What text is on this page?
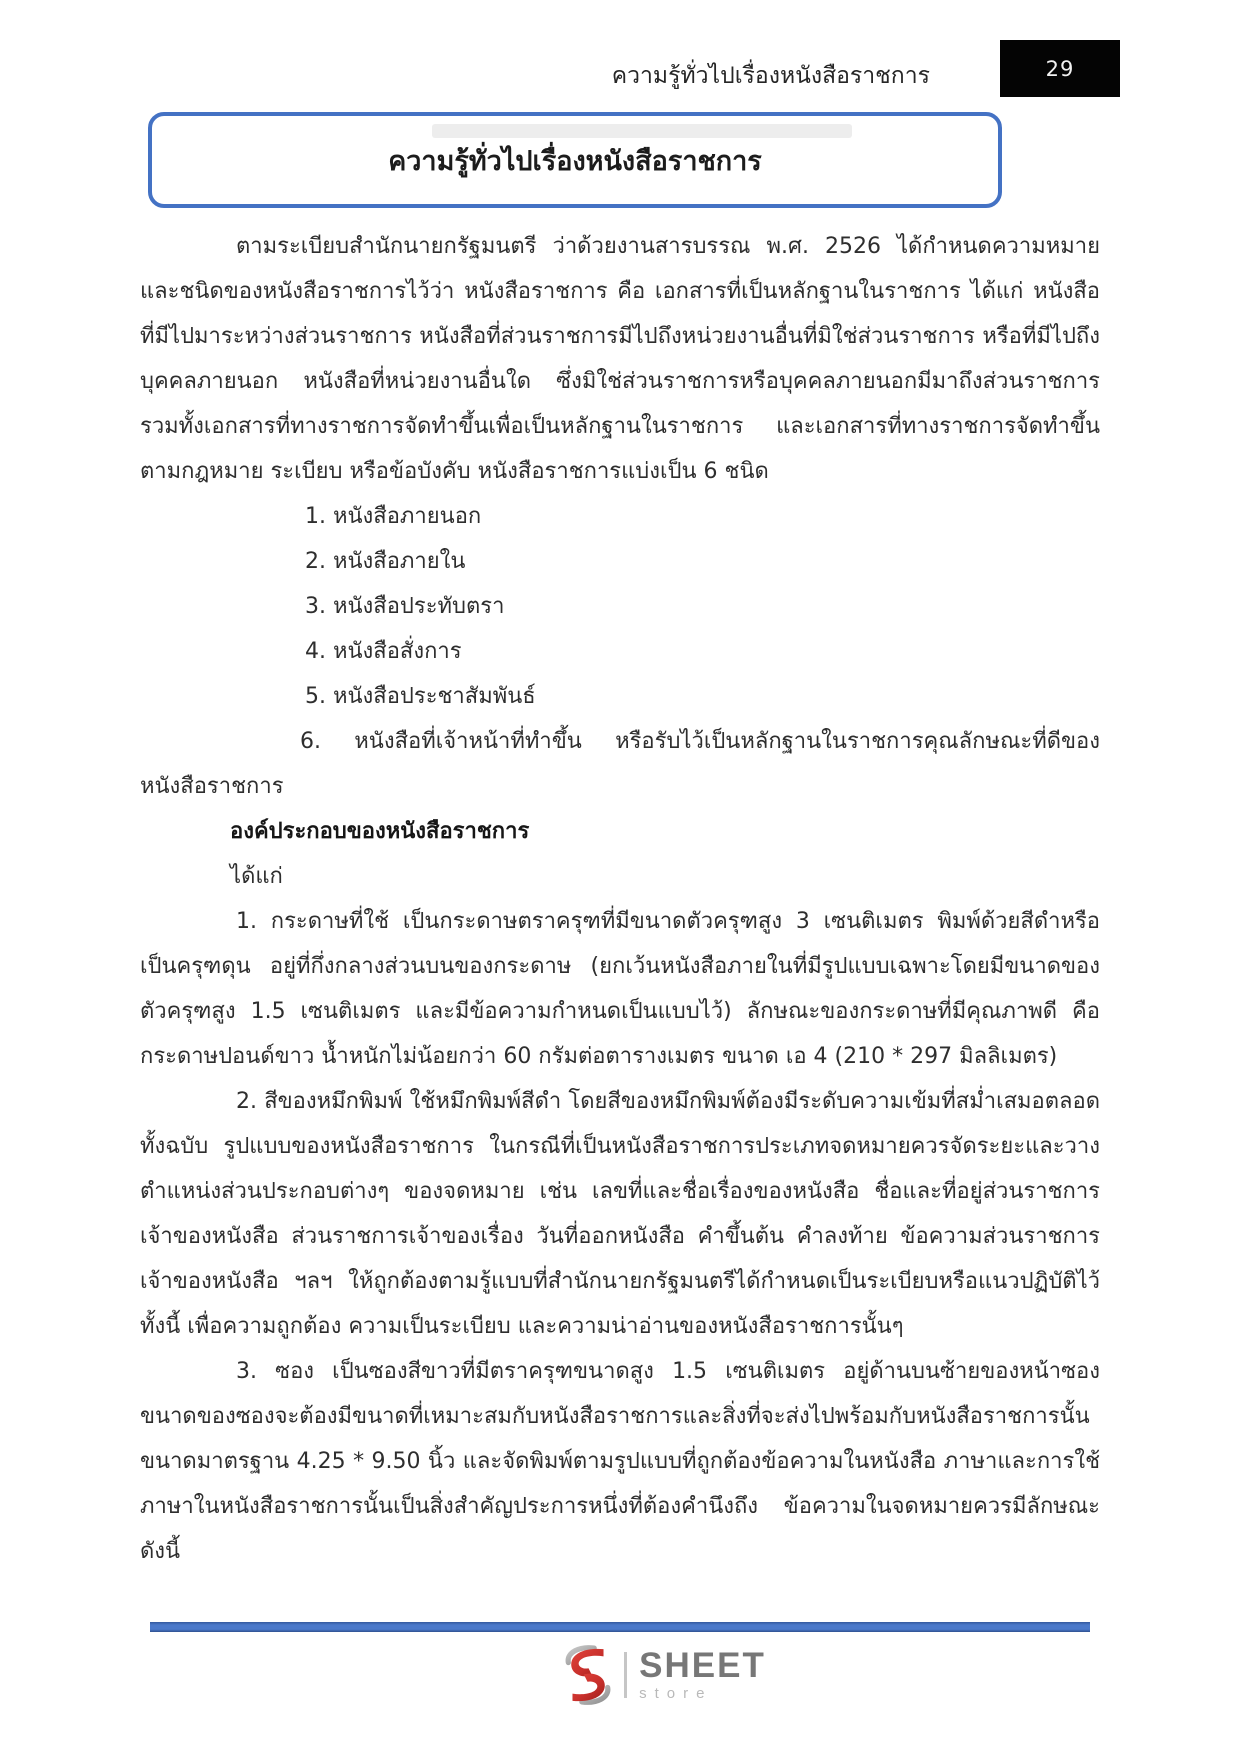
ความรู้ทั่วไปเรื่องหนังสือราชการ	29
ความรู้ทั่วไปเรื่องหนังสือราชการ

ตามระเบียบสำนักนายกรัฐมนตรี ว่าด้วยงานสารบรรณ พ.ศ. 2526 ได้กำหนดความหมายและชนิดของหนังสือราชการไว้ว่า หนังสือราชการ คือ เอกสารที่เป็นหลักฐานในราชการ ได้แก่ หนังสือที่มีไปมาระหว่างส่วนราชการ หนังสือที่ส่วนราชการมีไปถึงหน่วยงานอื่นที่มิใช่ส่วนราชการ หรือที่มีไปถึงบุคคลภายนอก หนังสือที่หน่วยงานอื่นใด ซึ่งมิใช่ส่วนราชการหรือบุคคลภายนอกมีมาถึงส่วนราชการ รวมทั้งเอกสารที่ทางราชการจัดทำขึ้นเพื่อเป็นหลักฐานในราชการ และเอกสารที่ทางราชการจัดทำขึ้นตามกฎหมาย ระเบียบ หรือข้อบังคับ หนังสือราชการแบ่งเป็น 6 ชนิด

1. หนังสือภายนอก

2. หนังสือภายใน

3. หนังสือประทับตรา

4. หนังสือสั่งการ

5. หนังสือประชาสัมพันธ์

6. หนังสือที่เจ้าหน้าที่ทำขึ้น หรือรับไว้เป็นหลักฐานในราชการคุณลักษณะที่ดีของหนังสือราชการ

องค์ประกอบของหนังสือราชการ

ได้แก่

1. กระดาษที่ใช้ เป็นกระดาษตราครุฑที่มีขนาดตัวครุฑสูง 3 เซนติเมตร พิมพ์ด้วยสีดำหรือเป็นครุฑดุน อยู่ที่กึ่งกลางส่วนบนของกระดาษ (ยกเว้นหนังสือภายในที่มีรูปแบบเฉพาะโดยมีขนาดของตัวครุฑสูง 1.5 เซนติเมตร และมีข้อความกำหนดเป็นแบบไว้) ลักษณะของกระดาษที่มีคุณภาพดี คือ กระดาษปอนด์ขาว น้ำหนักไม่น้อยกว่า 60 กรัมต่อตารางเมตร ขนาด เอ 4 (210 * 297 มิลลิเมตร)

2. สีของหมึกพิมพ์ ใช้หมึกพิมพ์สีดำ โดยสีของหมึกพิมพ์ต้องมีระดับความเข้มที่สม่ำเสมอตลอดทั้งฉบับ รูปแบบของหนังสือราชการ ในกรณีที่เป็นหนังสือราชการประเภทจดหมายควรจัดระยะและวางตำแหน่งส่วนประกอบต่างๆ ของจดหมาย เช่น เลขที่และชื่อเรื่องของหนังสือ ชื่อและที่อยู่ส่วนราชการเจ้าของหนังสือ ส่วนราชการเจ้าของเรื่อง วันที่ออกหนังสือ คำขึ้นต้น คำลงท้าย ข้อความส่วนราชการเจ้าของหนังสือ ฯลฯ ให้ถูกต้องตามรู้แบบที่สำนักนายกรัฐมนตรีได้กำหนดเป็นระเบียบหรือแนวปฏิบัติไว้ ทั้งนี้ เพื่อความถูกต้อง ความเป็นระเบียบ และความน่าอ่านของหนังสือราชการนั้นๆ

3. ซอง เป็นซองสีขาวที่มีตราครุฑขนาดสูง 1.5 เซนติเมตร อยู่ด้านบนซ้ายของหน้าซอง ขนาดของซองจะต้องมีขนาดที่เหมาะสมกับหนังสือราชการและสิ่งที่จะส่งไปพร้อมกับหนังสือราชการนั้น ขนาดมาตรฐาน 4.25 * 9.50 นิ้ว และจัดพิมพ์ตามรูปแบบที่ถูกต้องข้อความในหนังสือ ภาษาและการใช้ภาษาในหนังสือราชการนั้นเป็นสิ่งสำคัญประการหนึ่งที่ต้องคำนึงถึง ข้อความในจดหมายควรมีลักษณะดังนี้

SHEET
store
